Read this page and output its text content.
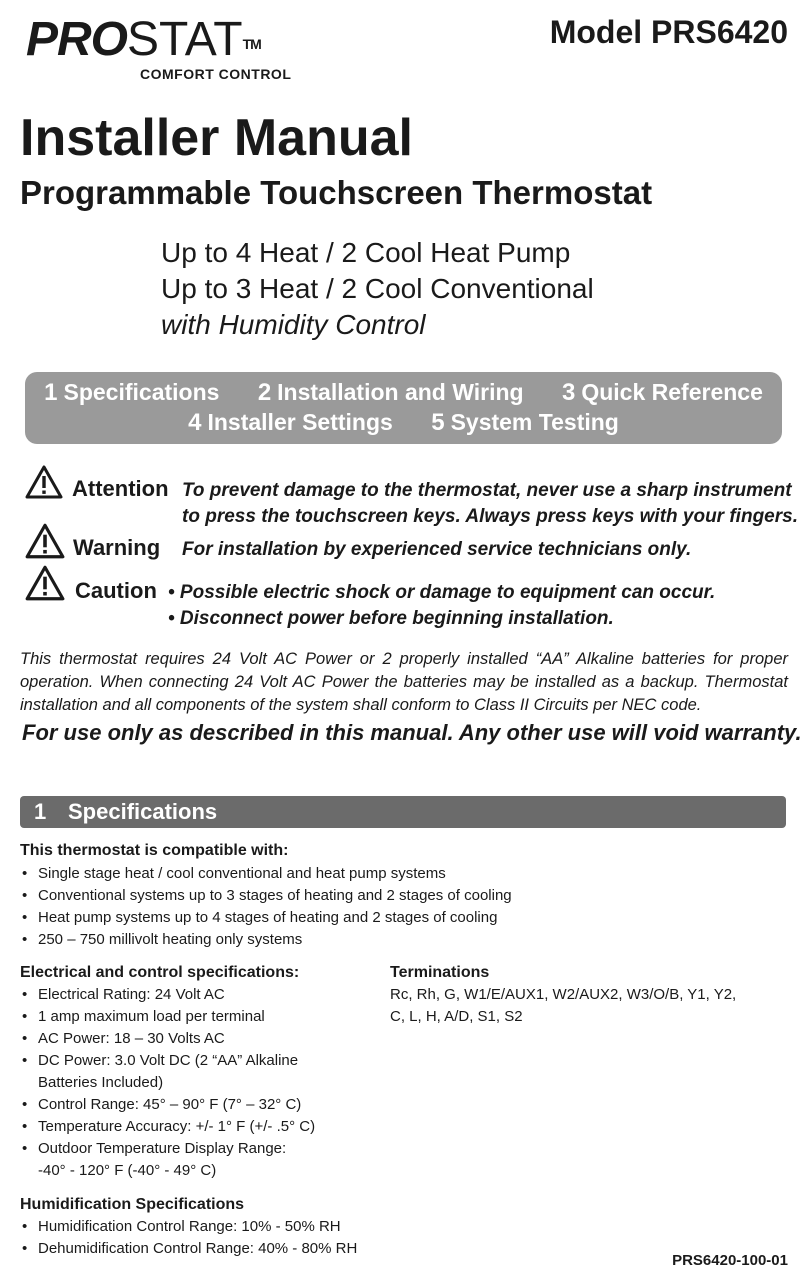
PROSTAT™
COMFORT CONTROL
Model PRS6420
Installer Manual
Programmable Touchscreen Thermostat
Up to 4 Heat / 2 Cool Heat Pump
Up to 3 Heat / 2 Cool Conventional
with Humidity Control
1 Specifications 2 Installation and Wiring 3 Quick Reference
4 Installer Settings 5 System Testing
Attention To prevent damage to the thermostat, never use a sharp instrument
to press the touchscreen keys. Always press keys with your fingers.
Warning For installation by experienced service technicians only.
Caution • Possible electric shock or damage to equipment can occur.
• Disconnect power before beginning installation.
This thermostat requires 24 Volt AC Power or 2 properly installed “AA” Alkaline batteries for proper operation. When connecting 24 Volt AC Power the batteries may be installed as a backup. Thermostat installation and all components of the system shall conform to Class II Circuits per NEC code.
For use only as described in this manual. Any other use will void warranty.
1 Specifications
This thermostat is compatible with:
• Single stage heat / cool conventional and heat pump systems
• Conventional systems up to 3 stages of heating and 2 stages of cooling
• Heat pump systems up to 4 stages of heating and 2 stages of cooling
• 250 – 750 millivolt heating only systems
Electrical and control specifications:
• Electrical Rating: 24 Volt AC
• 1 amp maximum load per terminal
• AC Power: 18 – 30 Volts AC
• DC Power: 3.0 Volt DC (2 “AA” Alkaline
Batteries Included)
• Control Range: 45° – 90° F (7° – 32° C)
• Temperature Accuracy: +/- 1° F (+/- .5° C)
• Outdoor Temperature Display Range:
-40° - 120° F (-40° - 49° C)
Terminations
Rc, Rh, G, W1/E/AUX1, W2/AUX2, W3/O/B, Y1, Y2, C, L, H, A/D, S1, S2
Humidification Specifications
• Humidification Control Range: 10% - 50% RH
• Dehumidification Control Range: 40% - 80% RH
PRS6420-100-01
